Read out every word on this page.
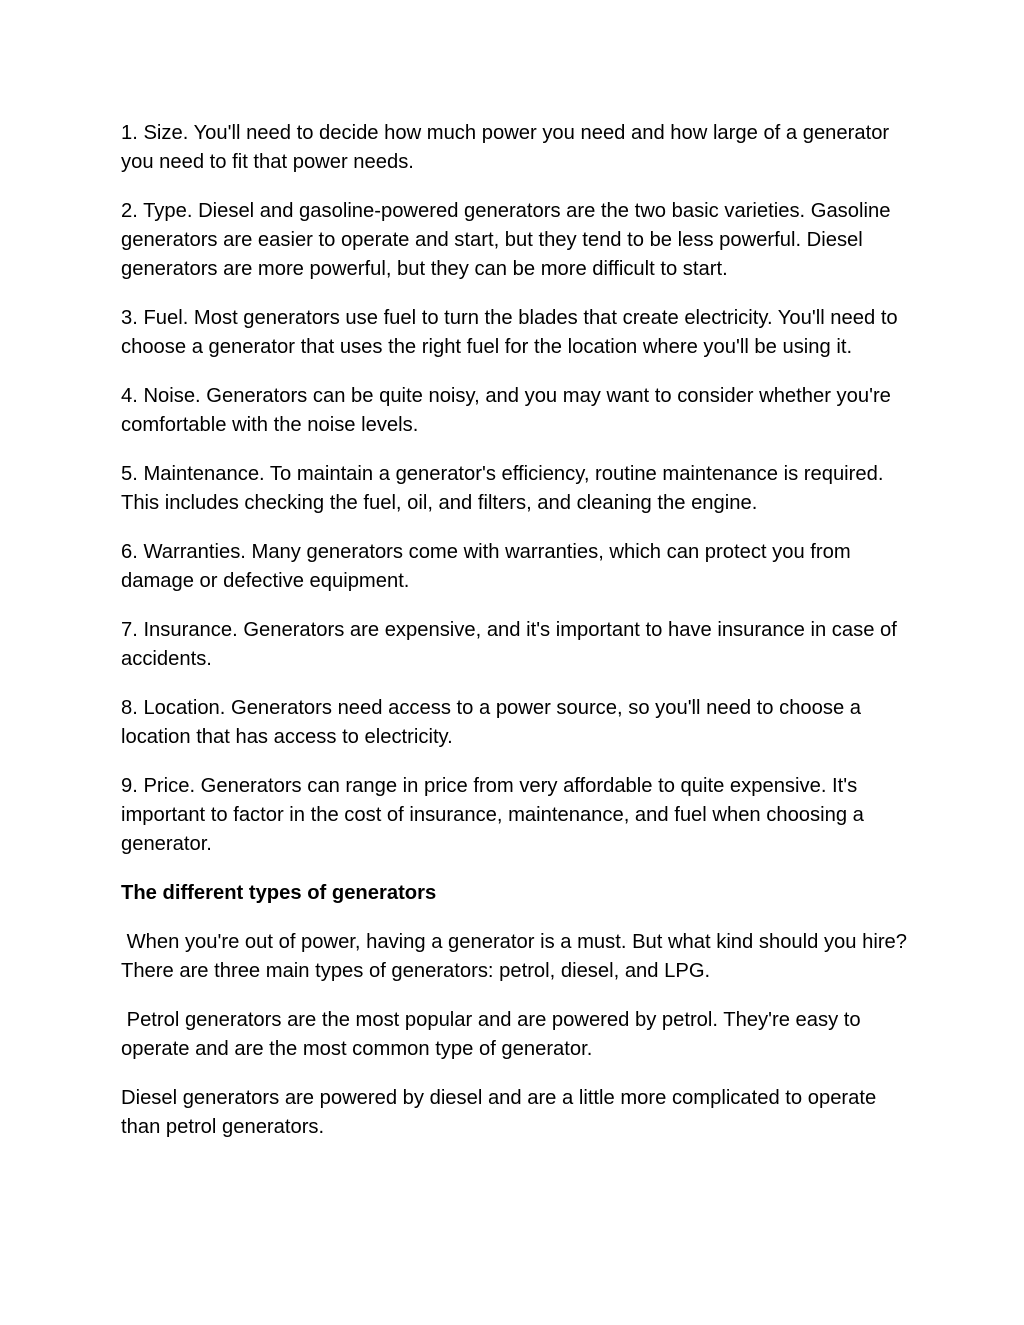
1. Size. You'll need to decide how much power you need and how large of a generator you need to fit that power needs.

2. Type. Diesel and gasoline-powered generators are the two basic varieties. Gasoline generators are easier to operate and start, but they tend to be less powerful. Diesel generators are more powerful, but they can be more difficult to start.

3. Fuel. Most generators use fuel to turn the blades that create electricity. You'll need to choose a generator that uses the right fuel for the location where you'll be using it.

4. Noise. Generators can be quite noisy, and you may want to consider whether you're comfortable with the noise levels.

5. Maintenance. To maintain a generator's efficiency, routine maintenance is required. This includes checking the fuel, oil, and filters, and cleaning the engine.

6. Warranties. Many generators come with warranties, which can protect you from damage or defective equipment.

7. Insurance. Generators are expensive, and it's important to have insurance in case of accidents.

8. Location. Generators need access to a power source, so you'll need to choose a location that has access to electricity.

9. Price. Generators can range in price from very affordable to quite expensive. It's important to factor in the cost of insurance, maintenance, and fuel when choosing a generator.

The different types of generators

When you're out of power, having a generator is a must. But what kind should you hire? There are three main types of generators: petrol, diesel, and LPG.

Petrol generators are the most popular and are powered by petrol. They're easy to operate and are the most common type of generator.

Diesel generators are powered by diesel and are a little more complicated to operate than petrol generators.
